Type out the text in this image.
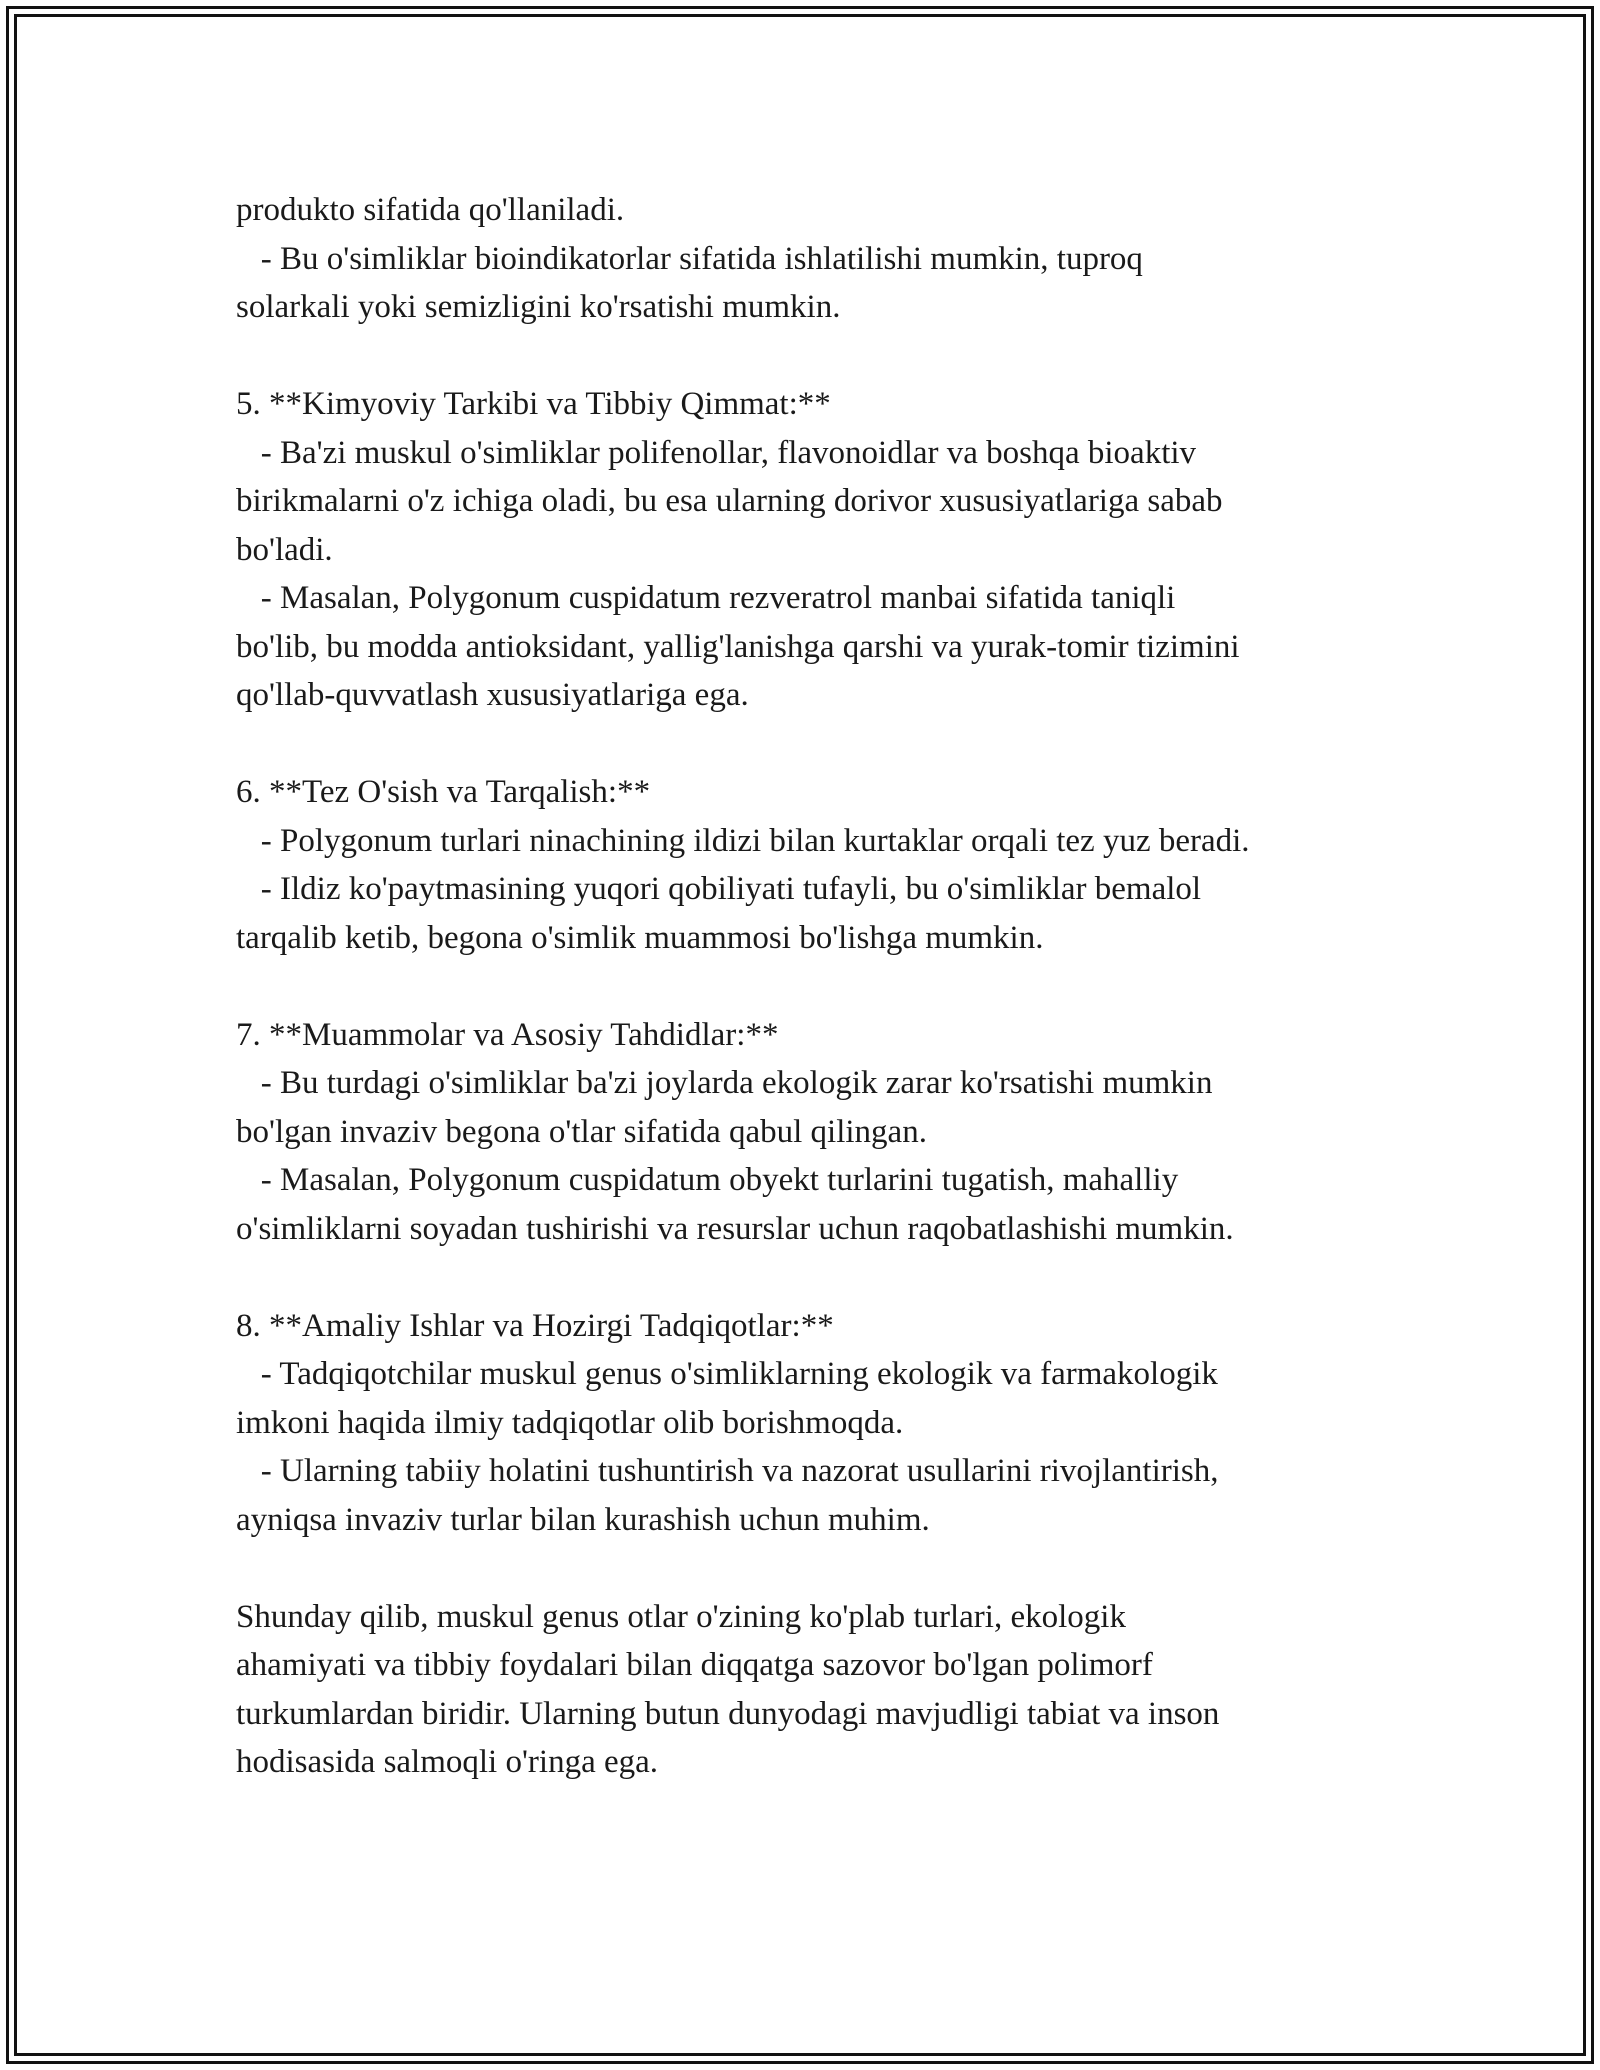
produkto sifatida qo'llaniladi.
- Bu o'simliklar bioindikatorlar sifatida ishlatilishi mumkin, tuproq
solarkali yoki semizligini ko'rsatishi mumkin.
5. **Kimyoviy Tarkibi va Tibbiy Qimmat:**
- Ba'zi muskul o'simliklar polifenollar, flavonoidlar va boshqa bioaktiv
birikmalarni o'z ichiga oladi, bu esa ularning dorivor xususiyatlariga sabab
bo'ladi.
- Masalan, Polygonum cuspidatum rezveratrol manbai sifatida taniqli
bo'lib, bu modda antioksidant, yallig'lanishga qarshi va yurak-tomir tizimini
qo'llab-quvvatlash xususiyatlariga ega.
6. **Tez O'sish va Tarqalish:**
- Polygonum turlari ninachining ildizi bilan kurtaklar orqali tez yuz beradi.
- Ildiz ko'paytmasining yuqori qobiliyati tufayli, bu o'simliklar bemalol
tarqalib ketib, begona o'simlik muammosi bo'lishga mumkin.
7. **Muammolar va Asosiy Tahdidlar:**
- Bu turdagi o'simliklar ba'zi joylarda ekologik zarar ko'rsatishi mumkin
bo'lgan invaziv begona o'tlar sifatida qabul qilingan.
- Masalan, Polygonum cuspidatum obyekt turlarini tugatish, mahalliy
o'simliklarni soyadan tushirishi va resurslar uchun raqobatlashishi mumkin.
8. **Amaliy Ishlar va Hozirgi Tadqiqotlar:**
- Tadqiqotchilar muskul genus o'simliklarning ekologik va farmakologik
imkoni haqida ilmiy tadqiqotlar olib borishmoqda.
- Ularning tabiiy holatini tushuntirish va nazorat usullarini rivojlantirish,
ayniqsa invaziv turlar bilan kurashish uchun muhim.
Shunday qilib, muskul genus otlar o'zining ko'plab turlari, ekologik
ahamiyati va tibbiy foydalari bilan diqqatga sazovor bo'lgan polimorf
turkumlardan biridir. Ularning butun dunyodagi mavjudligi tabiat va inson
hodisasida salmoqli o'ringa ega.
